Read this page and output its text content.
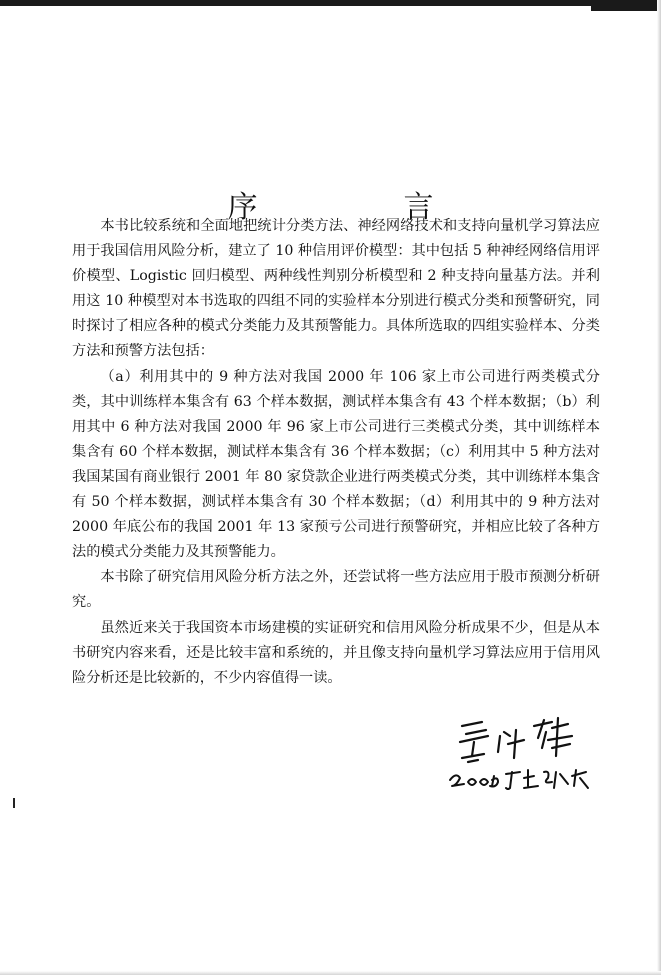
序　言

本书比较系统和全面地把统计分类方法、神经网络技术和支持向量机学习算法应用于我国信用风险分析，建立了 10 种信用评价模型：其中包括 5 种神经网络信用评价模型、Logistic 回归模型、两种线性判别分析模型和 2 种支持向量基方法。并利用这 10 种模型对本书选取的四组不同的实验样本分别进行模式分类和预警研究，同时探讨了相应各种的模式分类能力及其预警能力。具体所选取的四组实验样本、分类方法和预警方法包括：

（a）利用其中的 9 种方法对我国 2000 年 106 家上市公司进行两类模式分类，其中训练样本集含有 63 个样本数据，测试样本集含有 43 个样本数据；（b）利用其中 6 种方法对我国 2000 年 96 家上市公司进行三类模式分类，其中训练样本集含有 60 个样本数据，测试样本集含有 36 个样本数据；（c）利用其中 5 种方法对我国某国有商业银行 2001 年 80 家贷款企业进行两类模式分类，其中训练样本集含有 50 个样本数据，测试样本集含有 30 个样本数据；（d）利用其中的 9 种方法对 2000 年底公布的我国 2001 年 13 家预亏公司进行预警研究，并相应比较了各种方法的模式分类能力及其预警能力。

本书除了研究信用风险分析方法之外，还尝试将一些方法应用于股市预测分析研究。

虽然近来关于我国资本市场建模的实证研究和信用风险分析成果不少，但是从本书研究内容来看，还是比较丰富和系统的，并且像支持向量机学习算法应用于信用风险分析还是比较新的，不少内容值得一读。
